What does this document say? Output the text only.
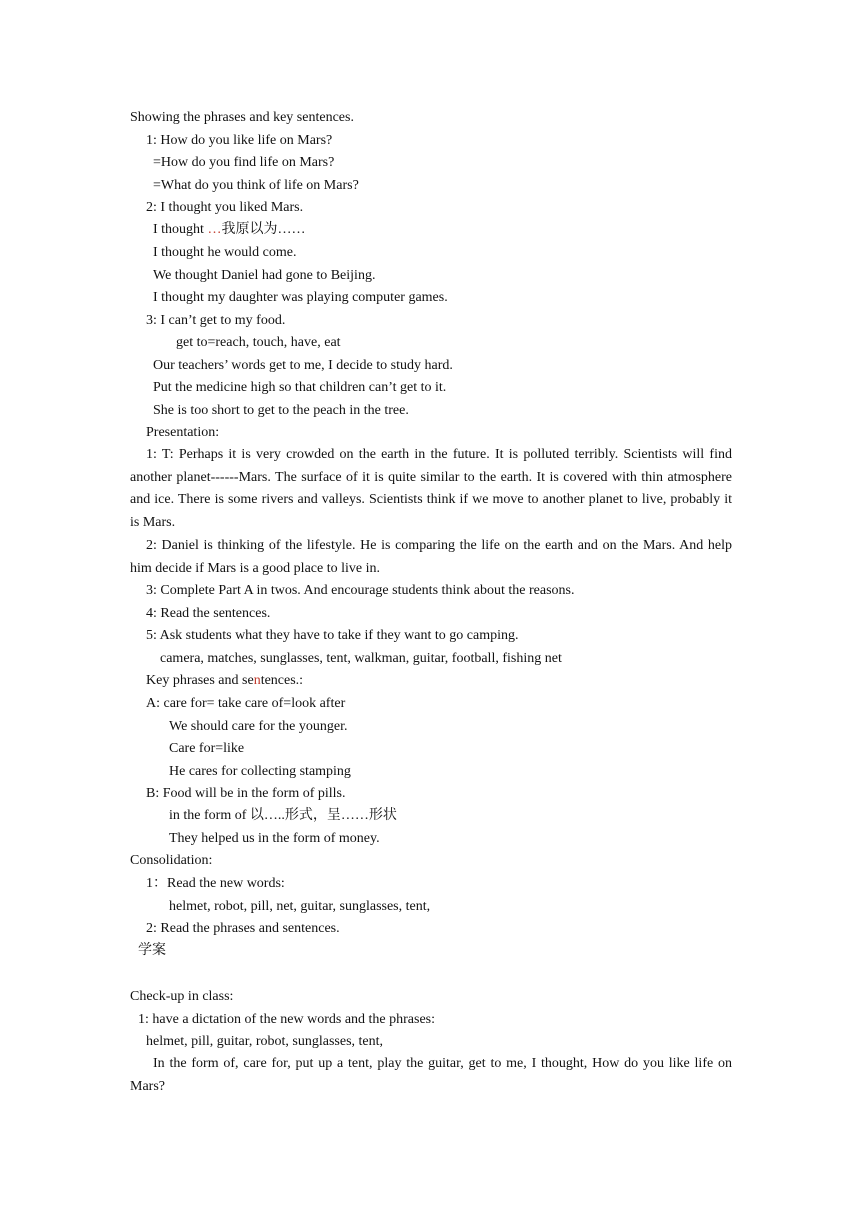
Showing the phrases and key sentences.
1: How do you like life on Mars?
=How do you find life on Mars?
=What do you think of life on Mars?
2: I thought you liked Mars.
I thought …我原以为……
I thought he would come.
We thought Daniel had gone to Beijing.
I thought my daughter was playing computer games.
3: I can’t get to my food.
get to=reach, touch, have, eat
Our teachers’ words get to me, I decide to study hard.
Put the medicine high so that children can’t get to it.
She is too short to get to the peach in the tree.
Presentation:
1: T: Perhaps it is very crowded on the earth in the future. It is polluted terribly. Scientists will find another planet------Mars. The surface of it is quite similar to the earth. It is covered with thin atmosphere and ice. There is some rivers and valleys. Scientists think if we move to another planet to live, probably it is Mars.
2: Daniel is thinking of the lifestyle. He is comparing the life on the earth and on the Mars. And help him decide if Mars is a good place to live in.
3: Complete Part A in twos. And encourage students think about the reasons.
4: Read the sentences.
5: Ask students what they have to take if they want to go camping.
camera, matches, sunglasses, tent, walkman, guitar, football, fishing net
Key phrases and sentences.:
A: care for= take care of=look after
We should care for the younger.
Care for=like
He cares for collecting stamping
B: Food will be in the form of pills.
in the form of 以…..形式，呈……形状
They helped us in the form of money.
Consolidation:
1：Read the new words:
helmet, robot, pill, net, guitar, sunglasses, tent,
2: Read the phrases and sentences.
学案
Check-up in class:
1: have a dictation of the new words and the phrases:
helmet, pill, guitar, robot, sunglasses, tent,
In the form of, care for, put up a tent, play the guitar, get to me, I thought, How do you like life on Mars?
